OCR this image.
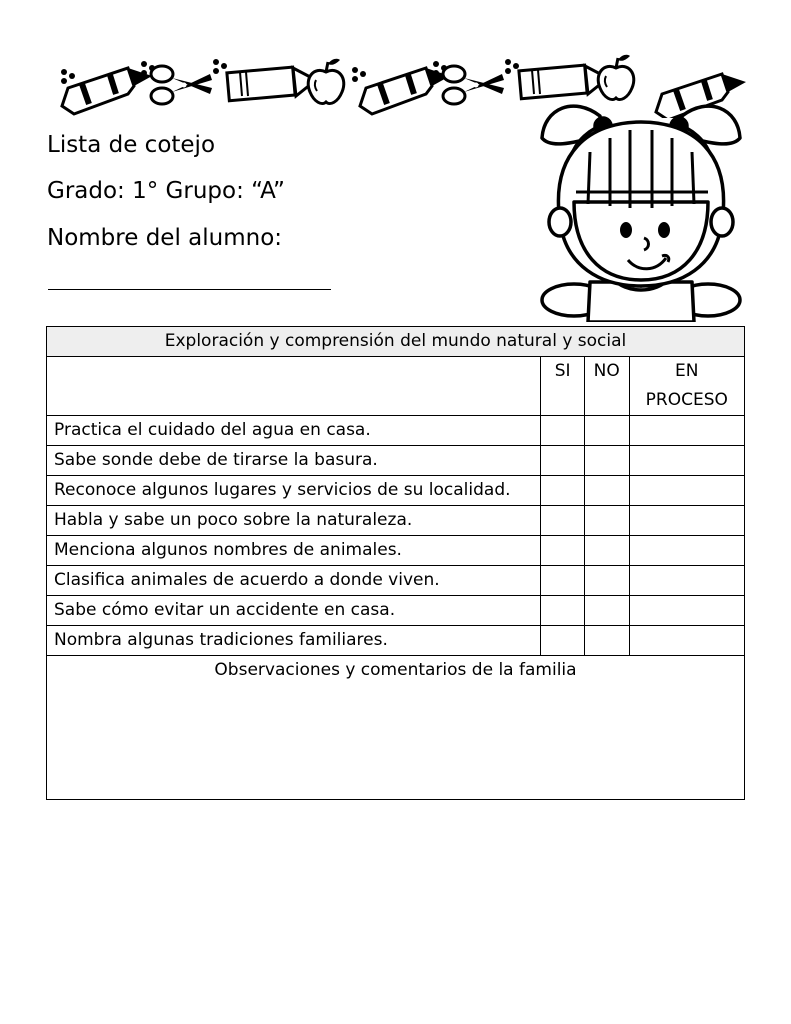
Lista de cotejo
Grado: 1° Grupo: “A”
Nombre del alumno:
Exploración y comprensión del mundo natural y social			
	SI	NO	EN PROCESO
Practica el cuidado del agua en casa.			
Sabe sonde debe de tirarse la basura.			
Reconoce algunos lugares y servicios de su localidad.			
Habla y sabe un poco sobre la naturaleza.			
Menciona algunos nombres de animales.			
Clasifica animales de acuerdo a donde viven.			
Sabe cómo evitar un accidente en casa.			
Nombra algunas tradiciones familiares.			
Observaciones y comentarios de la familia			
